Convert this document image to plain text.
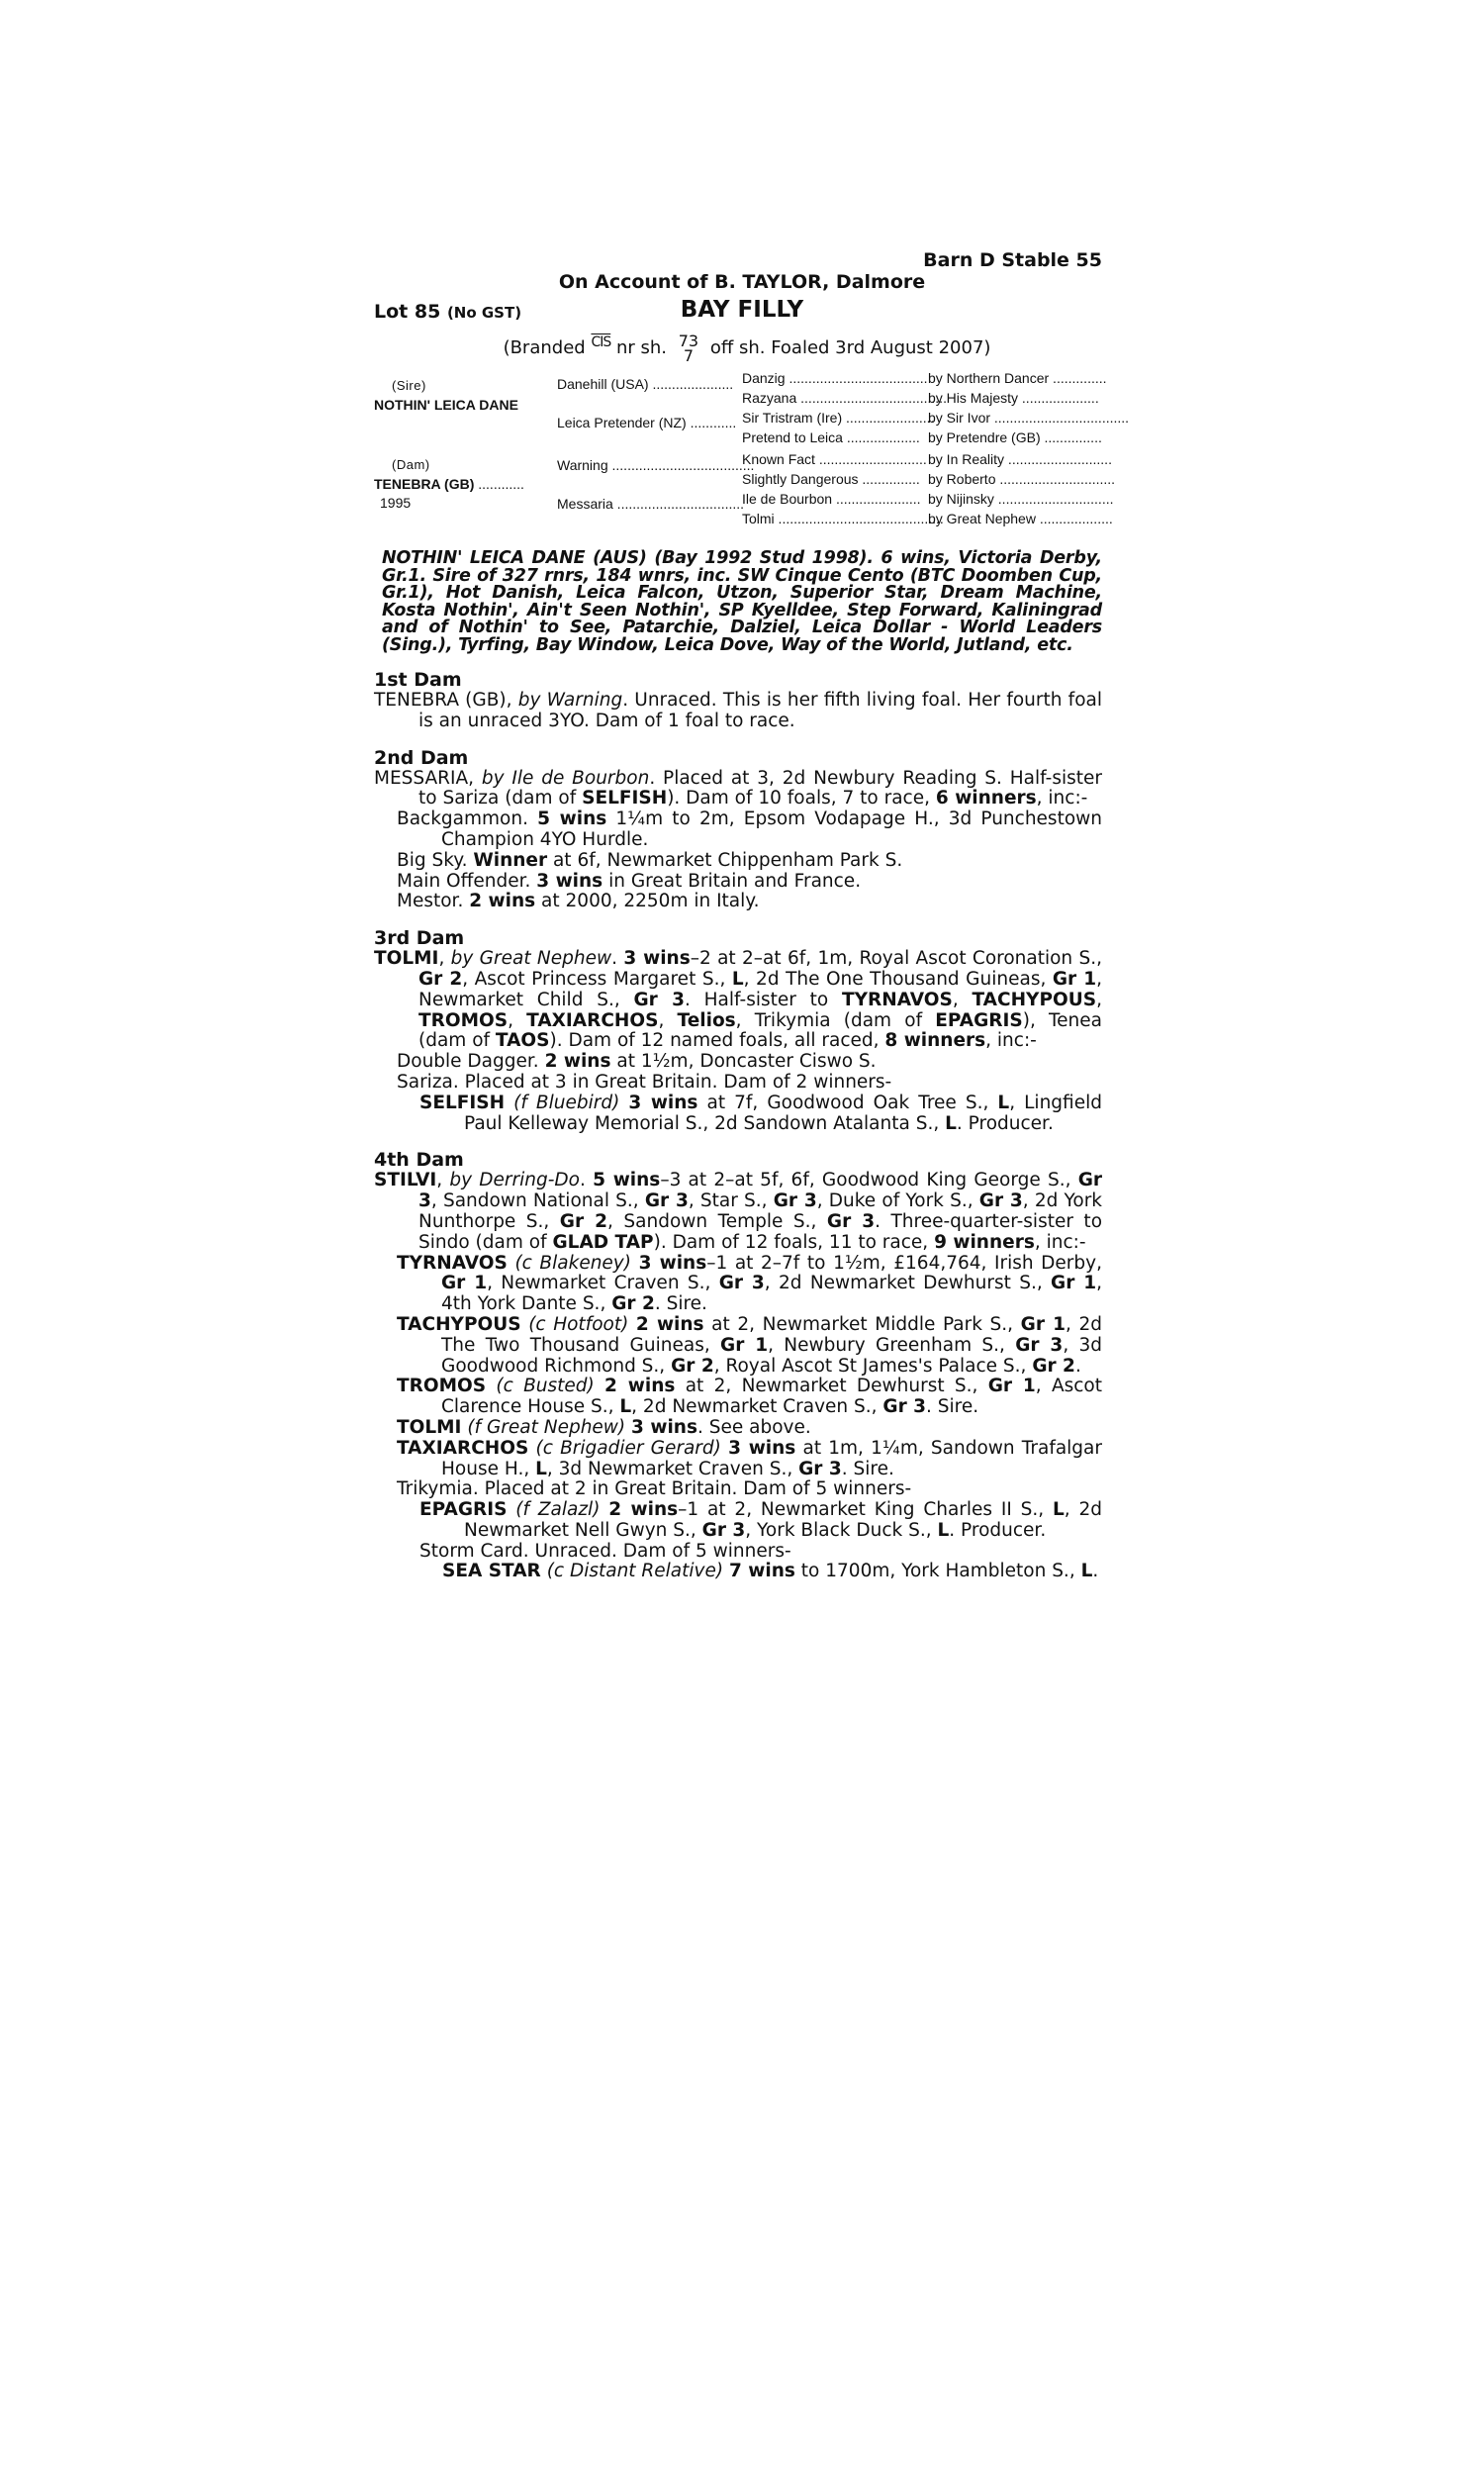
Barn D Stable 55
On Account of B. TAYLOR, Dalmore
Lot 85 (No GST)	BAY FILLY
(Branded $^{\overline{CIS}}$ nr sh. 73
7 off sh. Foaled 3rd August 2007)
(Sire)
NOTHIN' LEICA DANE
(Dam)
TENEBRA (GB) ............
1995
Danehill (USA) .....................
Leica Pretender (NZ) ............
Warning .....................................
Messaria .................................
Danzig ....................................
Razyana ......................................
Sir Tristram (Ire) .......................
Pretend to Leica ...................
Known Fact ............................
Slightly Dangerous ...............
Ile de Bourbon ......................
Tolmi ...........................................
by Northern Dancer ..............
by His Majesty ....................
by Sir Ivor ...................................
by Pretendre (GB) ...............
by In Reality ...........................
by Roberto ..............................
by Nijinsky ..............................
by Great Nephew ...................
NOTHIN' LEICA DANE (AUS) (Bay 1992 Stud 1998). 6 wins, Victoria Derby, Gr.1. Sire of 327 rnrs, 184 wnrs, inc. SW Cinque Cento (BTC Doomben Cup, Gr.1), Hot Danish, Leica Falcon, Utzon, Superior Star, Dream Machine, Kosta Nothin', Ain't Seen Nothin', SP Kyelldee, Step Forward, Kaliningrad and of Nothin' to See, Patarchie, Dalziel, Leica Dollar - World Leaders (Sing.), Tyrfing, Bay Window, Leica Dove, Way of the World, Jutland, etc.
1st Dam

TENEBRA (GB), by Warning. Unraced. This is her fifth living foal. Her fourth foal is an unraced 3YO. Dam of 1 foal to race.

2nd Dam

MESSARIA, by Ile de Bourbon. Placed at 3, 2d Newbury Reading S. Half-sister to Sariza (dam of SELFISH). Dam of 10 foals, 7 to race, 6 winners, inc:-

Backgammon. 5 wins 1¼m to 2m, Epsom Vodapage H., 3d Punchestown Champion 4YO Hurdle.

Big Sky. Winner at 6f, Newmarket Chippenham Park S.

Main Offender. 3 wins in Great Britain and France.

Mestor. 2 wins at 2000, 2250m in Italy.

3rd Dam

TOLMI, by Great Nephew. 3 wins–2 at 2–at 6f, 1m, Royal Ascot Coronation S., Gr 2, Ascot Princess Margaret S., L, 2d The One Thousand Guineas, Gr 1, Newmarket Child S., Gr 3. Half-sister to TYRNAVOS, TACHYPOUS, TROMOS, TAXIARCHOS, Telios, Trikymia (dam of EPAGRIS), Tenea (dam of TAOS). Dam of 12 named foals, all raced, 8 winners, inc:-

Double Dagger. 2 wins at 1½m, Doncaster Ciswo S.

Sariza. Placed at 3 in Great Britain. Dam of 2 winners-

SELFISH (f Bluebird) 3 wins at 7f, Goodwood Oak Tree S., L, Lingfield Paul Kelleway Memorial S., 2d Sandown Atalanta S., L. Producer.

4th Dam

STILVI, by Derring-Do. 5 wins–3 at 2–at 5f, 6f, Goodwood King George S., Gr 3, Sandown National S., Gr 3, Star S., Gr 3, Duke of York S., Gr 3, 2d York Nunthorpe S., Gr 2, Sandown Temple S., Gr 3. Three-quarter-sister to Sindo (dam of GLAD TAP). Dam of 12 foals, 11 to race, 9 winners, inc:-

TYRNAVOS (c Blakeney) 3 wins–1 at 2–7f to 1½m, £164,764, Irish Derby, Gr 1, Newmarket Craven S., Gr 3, 2d Newmarket Dewhurst S., Gr 1, 4th York Dante S., Gr 2. Sire.

TACHYPOUS (c Hotfoot) 2 wins at 2, Newmarket Middle Park S., Gr 1, 2d The Two Thousand Guineas, Gr 1, Newbury Greenham S., Gr 3, 3d Goodwood Richmond S., Gr 2, Royal Ascot St James's Palace S., Gr 2.

TROMOS (c Busted) 2 wins at 2, Newmarket Dewhurst S., Gr 1, Ascot Clarence House S., L, 2d Newmarket Craven S., Gr 3. Sire.

TOLMI (f Great Nephew) 3 wins. See above.

TAXIARCHOS (c Brigadier Gerard) 3 wins at 1m, 1¼m, Sandown Trafalgar House H., L, 3d Newmarket Craven S., Gr 3. Sire.

Trikymia. Placed at 2 in Great Britain. Dam of 5 winners-

EPAGRIS (f Zalazl) 2 wins–1 at 2, Newmarket King Charles II S., L, 2d Newmarket Nell Gwyn S., Gr 3, York Black Duck S., L. Producer.

Storm Card. Unraced. Dam of 5 winners-

SEA STAR (c Distant Relative) 7 wins to 1700m, York Hambleton S., L.
